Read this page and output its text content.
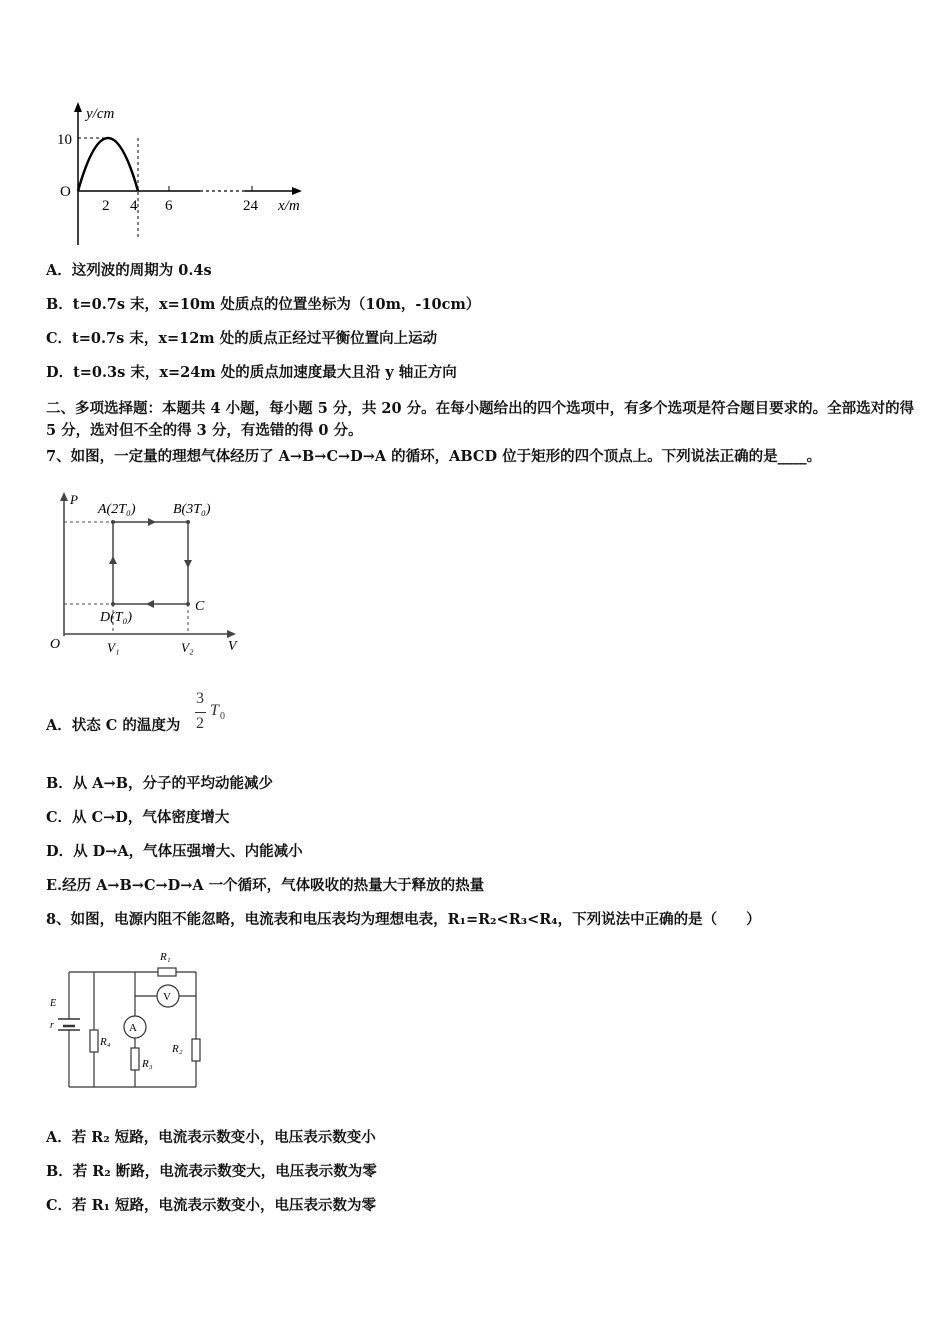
y/cm
10
O
2 4 6	24 x/m
A．这列波的周期为 0.4s
B．t=0.7s 末，x=10m 处质点的位置坐标为（10m，-10cm）
C．t=0.7s 末，x=12m 处的质点正经过平衡位置向上运动
D．t=0.3s 末，x=24m 处的质点加速度最大且沿 y 轴正方向
二、多项选择题：本题共 4 小题，每小题 5 分，共 20 分。在每小题给出的四个选项中，有多个选项是符合题目要求的。全部选对的得 5 分，选对但不全的得 3 分，有选错的得 0 分。
7、如图，一定量的理想气体经历了 A→B→C→D→A 的循环，ABCD 位于矩形的四个顶点上。下列说法正确的是____。
P
A(2T₀)	B(3T₀)
C
D(T₀)
O	V₁	V₂ V
A．状态 C 的温度为
3
2
T 0
B．从 A→B，分子的平均动能减少
C．从 C→D，气体密度增大
D．从 D→A，气体压强增大、内能减小
E.经历 A→B→C→D→A 一个循环，气体吸收的热量大于释放的热量
8、如图，电源内阻不能忽略，电流表和电压表均为理想电表，R₁=R₂<R₃<R₄，下列说法中正确的是（　　）
A
V
E
r
R₁
R₂
R₃
R₄
A．若 R₂ 短路，电流表示数变小，电压表示数变小
B．若 R₂ 断路，电流表示数变大，电压表示数为零
C．若 R₁ 短路，电流表示数变小，电压表示数为零
